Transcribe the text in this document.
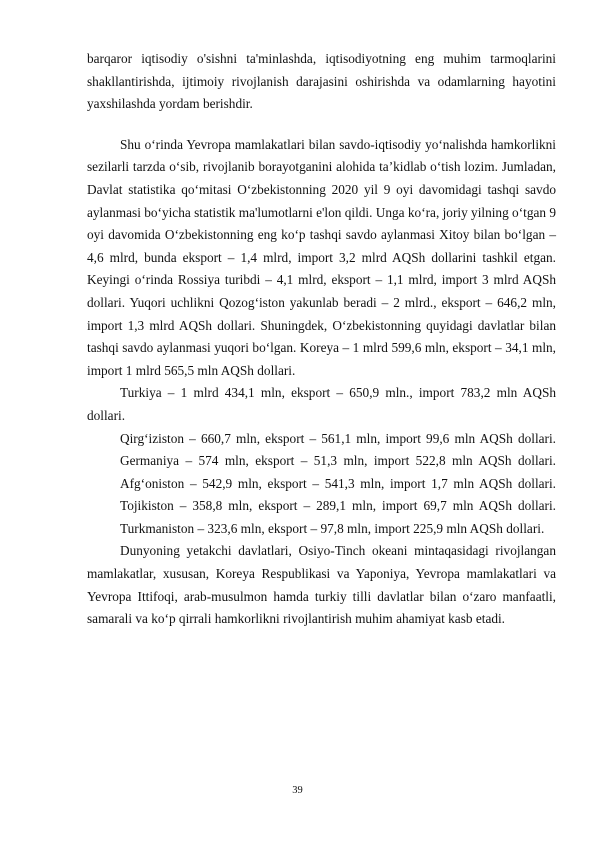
barqaror iqtisodiy o'sishni ta'minlashda, iqtisodiyotning eng muhim tarmoqlarini shakllantirishda, ijtimoiy rivojlanish darajasini oshirishda va odamlarning hayotini yaxshilashda yordam berishdir.

Shu o‘rinda Yevropa mamlakatlari bilan savdo-iqtisodiy yo‘nalishda hamkorlikni sezilarli tarzda o‘sib, rivojlanib borayotganini alohida ta’kidlab o‘tish lozim. Jumladan, Davlat statistika qo‘mitasi O‘zbekistonning 2020 yil 9 oyi davomidagi tashqi savdo aylanmasi bo‘yicha statistik ma'lumotlarni e'lon qildi. Unga ko‘ra, joriy yilning o‘tgan 9 oyi davomida O‘zbekistonning eng ko‘p tashqi savdo aylanmasi Xitoy bilan bo‘lgan – 4,6 mlrd, bunda eksport – 1,4 mlrd, import 3,2 mlrd AQSh dollarini tashkil etgan. Keyingi o‘rinda Rossiya turibdi – 4,1 mlrd, eksport – 1,1 mlrd, import 3 mlrd AQSh dollari. Yuqori uchlikni Qozog‘iston yakunlab beradi – 2 mlrd., eksport – 646,2 mln, import 1,3 mlrd AQSh dollari. Shuningdek, O‘zbekistonning quyidagi davlatlar bilan tashqi savdo aylanmasi yuqori bo‘lgan. Koreya – 1 mlrd 599,6 mln, eksport – 34,1 mln, import 1 mlrd 565,5 mln AQSh dollari.

Turkiya – 1 mlrd 434,1 mln, eksport – 650,9 mln., import 783,2 mln AQSh dollari.

Qirg‘iziston – 660,7 mln, eksport – 561,1 mln, import 99,6 mln AQSh dollari. Germaniya – 574 mln, eksport – 51,3 mln, import 522,8 mln AQSh dollari. Afg‘oniston – 542,9 mln, eksport – 541,3 mln, import 1,7 mln AQSh dollari. Tojikiston – 358,8 mln, eksport – 289,1 mln, import 69,7 mln AQSh dollari. Turkmaniston – 323,6 mln, eksport – 97,8 mln, import 225,9 mln AQSh dollari.

Dunyoning yetakchi davlatlari, Osiyo-Tinch okeani mintaqasidagi rivojlangan mamlakatlar, xususan, Koreya Respublikasi va Yaponiya, Yevropa mamlakatlari va Yevropa Ittifoqi, arab-musulmon hamda turkiy tilli davlatlar bilan o‘zaro manfaatli, samarali va ko‘p qirrali hamkorlikni rivojlantirish muhim ahamiyat kasb etadi.

39
